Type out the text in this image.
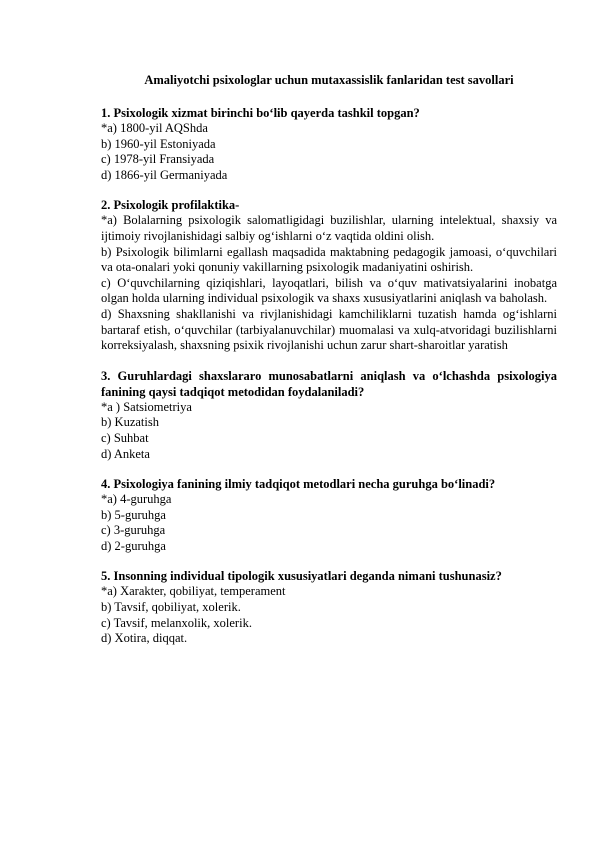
Amaliyotchi psixologlar uchun mutaxassislik fanlaridan test savollari

1. Psixologik xizmat birinchi bo‘lib qayerda tashkil topgan?

*a) 1800-yil AQShda

b) 1960-yil Estoniyada

c) 1978-yil Fransiyada

d) 1866-yil Germaniyada

2. Psixologik profilaktika-

*a) Bolalarning psixologik salomatligidagi buzilishlar, ularning intelektual, shaxsiy va ijtimoiy rivojlanishidagi salbiy og‘ishlarni o‘z vaqtida oldini olish.

b) Psixologik bilimlarni egallash maqsadida maktabning pedagogik jamoasi, o‘quvchilari va ota-onalari yoki qonuniy vakillarning psixologik madaniyatini oshirish.

c) O‘quvchilarning qiziqishlari, layoqatlari, bilish va o‘quv mativatsiyalarini inobatga olgan holda ularning individual psixologik va shaxs xususiyatlarini aniqlash va baholash.

d) Shaxsning shakllanishi va rivjlanishidagi kamchiliklarni tuzatish hamda og‘ishlarni bartaraf etish, o‘quvchilar (tarbiyalanuvchilar) muomalasi va xulq-atvoridagi buzilishlarni korreksiyalash, shaxsning psixik rivojlanishi uchun zarur shart-sharoitlar yaratish

3. Guruhlardagi shaxslararo munosabatlarni aniqlash va o‘lchashda psixologiya fanining qaysi tadqiqot metodidan foydalaniladi?

*a ) Satsiometriya

b) Kuzatish

c) Suhbat

d) Anketa

4. Psixologiya fanining ilmiy tadqiqot metodlari necha guruhga bo‘linadi?

*a) 4-guruhga

b) 5-guruhga

c) 3-guruhga

d) 2-guruhga

5. Insonning individual tipologik xususiyatlari deganda nimani tushunasiz?

*a) Xarakter, qobiliyat, temperament

b) Tavsif, qobiliyat, xolerik.

c) Tavsif, melanxolik, xolerik.

d) Xotira, diqqat.
